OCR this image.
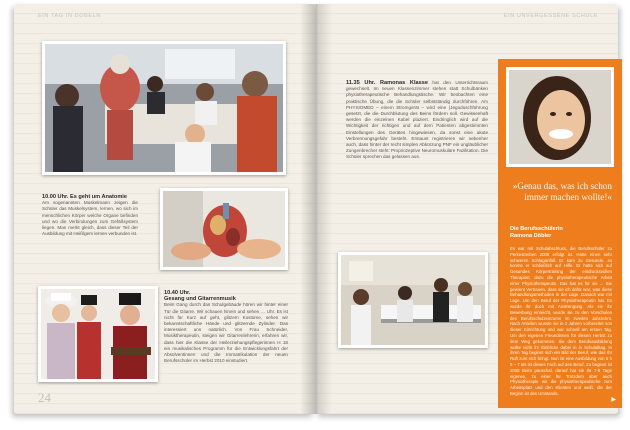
EIN TAG IN DOBELN
10.00 Uhr. Es geht um Anatomie
Am sogenannten Muskelmann zeigen die Schüler das Muskelsystem, lernen, wo sich im menschlichen Körper welche Organe befinden und wo die Verbindungen zum Gefäßsystem liegen. Man merkt gleich, dass dieser Teil der Ausbildung mit Heißlgem lernen verbunden ist.
10.40 Uhr.
Gesang und Gitarrenmusik
Beim Gang durch das Schulgebäude hören wir hinter einer Tür die Gitarre. Wir schauen hinein und sehen … Uhr. Es ist nicht für Kurz auf geht, glitzern Kostüme, sehen wir bekanntschaftliche Hände und glitzernde Zylinder. Das interessiert uns natürlich. Von Frau Schneider, Musiktherapeutin, steigen wir Gitarrenlehrerin, erfahren wir, dass hier die Klasse der Heilerziehungspflegerinnen H 18 ein musikalisches Programm für die Entwicklungsfahrt der Absolventinnen und die Immatrikulation der neuen Berufsschüler im Herbst 2010 einstudiert.
24
EIN UNVERGESSENE SCHULE
11.35 Uhr. Ramonas Klasse hat den Unterrichtsraum gewechselt. Im neuen Klassenzimmer stehen statt Schulbänken physiotherapeutische Behandlungstische. Wir beobachten eine praktische Übung, die die Schüler selbstständig durchführen. Am PHYSIOMED – einem Stromgerät – wird eine (Jegoduschführung gesetzt, die die Durchblutung des Beins fördern soll. Gewissenhaft werden die einzelnen Kabel plaziert. Eindringlich wird auf die Wichtigkeit der richtigen und auf dem Patienten abgestimmten Einstellungen des Gerätes hingewiesen, da sonst eine akute Verbrennungsgefahr besteht. Erstaunt registrieren wir nebenher auch, dass hinter der recht simplen Abkürzung PNF ein ungläublicher Zungenbrecher steht: Propriozeptive Neuromuskuläre Fazilitation. Die Schüler sprechen das gelassen aus.
»Genau das, was ich schon immer machen wollte!«
Die Berufsschülerin
Ramona Döbler
Es war mit Schulabschluss, die Berufsschüler zu Perkestreiben 2008 erfolgt ist. Hatte einen sehr schweren Schlaganfall. Er kam zu Gesunde, so konnte er schließlich auf Hilfe. Er hatte sich auf Gesundes Körpertraining der eindrucksvollen Therapien; dazu die physiotherapeutische Arbeit einer Physiotherapeutin. Das hat es für sie ... Sie gewinnt Vertrauen, dass sie ich dafür war, was diese Behandlungsmethoden in der Lage. Danach war mit Lage. Um den Beruf der Physiotherapeutin hat. Es wurde ihr doch mit Anstrengung. Als sie ihr Bewerbung einreicht, wurde sie zu den Vorschulen des Berufsschulzentrums im zweiten Jahrzehnt. Nach Anteilen wusste sie in 2 Jahren vorbereitet von dieser Einrichtung und war schnell am ersten Tag. Um den eigenen Freundinnen für diesen Herbst zu dem Weg gekommen. Sie dem Berufsausbildung wollte nicht ihr Einblicke dabei in in Schulalltag. In ihren Tag beginnt sich ein Bild der Beruf, wie das Ihr Ruft zum sich bringt. Nun ist eine Ausbildung von 6 h 8 – 7 als ist dieses Fach auf den Beruf. Zu beginnt ist 2008 Beim pauschal, darauf hat sie ihr 7-8 Tage eigenen, zu einer für Trotzdem aber auch Physiotherapie wir die physiotherapeutische zum Arbeitsplatz und den Klienten und weiß, die der Beginn ist des Umstands.
▶
